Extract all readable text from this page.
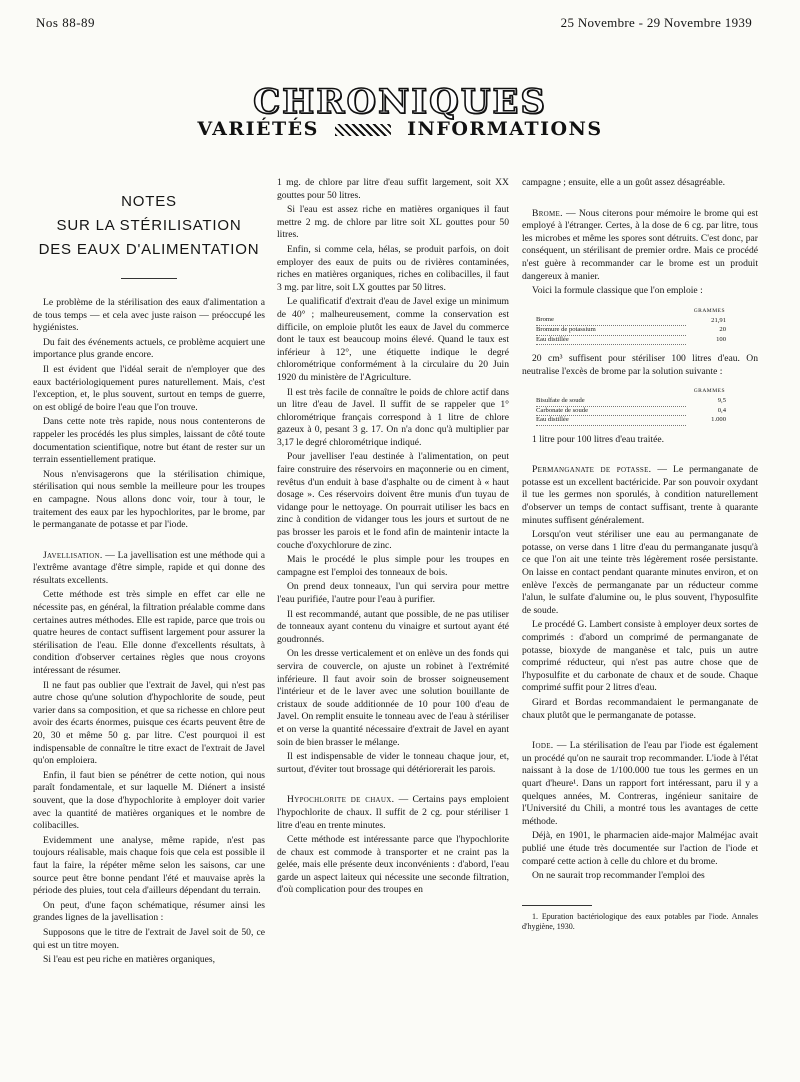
Nos 88-89	25 Novembre - 29 Novembre 1939
CHRONIQUES
VARIÉTÉS	INFORMATIONS
NOTES
SUR LA STÉRILISATION
DES EAUX D'ALIMENTATION

Le problème de la stérilisation des eaux d'alimentation a de tous temps — et cela avec juste raison — préoccupé les hygiénistes.

Du fait des événements actuels, ce problème acquiert une importance plus grande encore.

Il est évident que l'idéal serait de n'employer que des eaux bactériologiquement pures naturellement. Mais, c'est l'exception, et, le plus souvent, surtout en temps de guerre, on est obligé de boire l'eau que l'on trouve.

Dans cette note très rapide, nous nous contenterons de rappeler les procédés les plus simples, laissant de côté toute documentation scientifique, notre but étant de rester sur un terrain essentiellement pratique.

Nous n'envisagerons que la stérilisation chimique, stérilisation qui nous semble la meilleure pour les troupes en campagne. Nous allons donc voir, tour à tour, le traitement des eaux par les hypochlorites, par le brome, par le permanganate de potasse et par l'iode.

Javellisation. — La javellisation est une méthode qui a l'extrême avantage d'être simple, rapide et qui donne des résultats excellents.

Cette méthode est très simple en effet car elle ne nécessite pas, en général, la filtration préalable comme dans certaines autres méthodes. Elle est rapide, parce que trois ou quatre heures de contact suffisent largement pour assurer la stérilisation de l'eau. Elle donne d'excellents résultats, à condition d'observer certaines règles que nous croyons intéressant de résumer.

Il ne faut pas oublier que l'extrait de Javel, qui n'est pas autre chose qu'une solution d'hypochlorite de soude, peut varier dans sa composition, et que sa richesse en chlore peut avoir des écarts énormes, puisque ces écarts peuvent être de 20, 30 et même 50 g. par litre. C'est pourquoi il est indispensable de connaître le titre exact de l'extrait de Javel qu'on emploiera.

Enfin, il faut bien se pénétrer de cette notion, qui nous paraît fondamentale, et sur laquelle M. Diénert a insisté souvent, que la dose d'hypochlorite à employer doit varier avec la quantité de matières organiques et le nombre de colibacilles.

Evidemment une analyse, même rapide, n'est pas toujours réalisable, mais chaque fois que cela est possible il faut la faire, la répéter même selon les saisons, car une source peut être bonne pendant l'été et mauvaise après la période des pluies, tout cela d'ailleurs dépendant du terrain.

On peut, d'une façon schématique, résumer ainsi les grandes lignes de la javellisation :

Supposons que le titre de l'extrait de Javel soit de 50, ce qui est un titre moyen.

Si l'eau est peu riche en matières organiques,

1 mg. de chlore par litre d'eau suffit largement, soit XX gouttes pour 50 litres.

Si l'eau est assez riche en matières organiques il faut mettre 2 mg. de chlore par litre soit XL gouttes pour 50 litres.

Enfin, si comme cela, hélas, se produit parfois, on doit employer des eaux de puits ou de rivières contaminées, riches en matières organiques, riches en colibacilles, il faut 3 mg. par litre, soit LX gouttes par 50 litres.

Le qualificatif d'extrait d'eau de Javel exige un minimum de 40° ; malheureusement, comme la conservation est difficile, on emploie plutôt les eaux de Javel du commerce dont le taux est beaucoup moins élevé. Quand le taux est inférieur à 12°, une étiquette indique le degré chlorométrique conformément à la circulaire du 20 Juin 1920 du ministère de l'Agriculture.

Il est très facile de connaître le poids de chlore actif dans un litre d'eau de Javel. Il suffit de se rappeler que 1° chlorométrique français correspond à 1 litre de chlore gazeux à 0, pesant 3 g. 17. On n'a donc qu'à multiplier par 3,17 le degré chlorométrique indiqué.

Pour javelliser l'eau destinée à l'alimentation, on peut faire construire des réservoirs en maçonnerie ou en ciment, revêtus d'un enduit à base d'asphalte ou de ciment à « haut dosage ». Ces réservoirs doivent être munis d'un tuyau de vidange pour le nettoyage. On pourrait utiliser les bacs en zinc à condition de vidanger tous les jours et surtout de ne pas brosser les parois et le fond afin de maintenir intacte la couche d'oxychlorure de zinc.

Mais le procédé le plus simple pour les troupes en campagne est l'emploi des tonneaux de bois.

On prend deux tonneaux, l'un qui servira pour mettre l'eau purifiée, l'autre pour l'eau à purifier.

Il est recommandé, autant que possible, de ne pas utiliser de tonneaux ayant contenu du vinaigre et surtout ayant été goudronnés.

On les dresse verticalement et on enlève un des fonds qui servira de couvercle, on ajuste un robinet à l'extrémité inférieure. Il faut avoir soin de brosser soigneusement l'intérieur et de le laver avec une solution bouillante de cristaux de soude additionnée de 10 pour 100 d'eau de Javel. On remplit ensuite le tonneau avec de l'eau à stériliser et on verse la quantité nécessaire d'extrait de Javel en ayant soin de bien brasser le mélange.

Il est indispensable de vider le tonneau chaque jour, et, surtout, d'éviter tout brossage qui détériorerait les parois.

Hypochlorite de chaux. — Certains pays emploient l'hypochlorite de chaux. Il suffit de 2 cg. pour stériliser 1 litre d'eau en trente minutes.

Cette méthode est intéressante parce que l'hypochlorite de chaux est commode à transporter et ne craint pas la gelée, mais elle présente deux inconvénients : d'abord, l'eau garde un aspect laiteux qui nécessite une seconde filtration, d'où complication pour des troupes en

campagne ; ensuite, elle a un goût assez désagréable.

Brome. — Nous citerons pour mémoire le brome qui est employé à l'étranger. Certes, à la dose de 6 cg. par litre, tous les microbes et même les spores sont détruits. C'est donc, par conséquent, un stérilisant de premier ordre. Mais ce procédé n'est guère à recommander car le brome est un produit dangereux à manier.

Voici la formule classique que l'on emploie :

GRAMMES	
Brome	21,91
Bromure de potassium	20
Eau distillée	100

20 cm³ suffisent pour stériliser 100 litres d'eau. On neutralise l'excès de brome par la solution suivante :

GRAMMES	
Bisulfate de soude	9,5
Carbonate de soude	0,4
Eau distillée	1.000

1 litre pour 100 litres d'eau traitée.

Permanganate de potasse. — Le permanganate de potasse est un excellent bactéricide. Par son pouvoir oxydant il tue les germes non sporulés, à condition naturellement d'observer un temps de contact suffisant, trente à quarante minutes suffisent généralement.

Lorsqu'on veut stériliser une eau au permanganate de potasse, on verse dans 1 litre d'eau du permanganate jusqu'à ce que l'on ait une teinte très légèrement rosée persistante. On laisse en contact pendant quarante minutes environ, et on enlève l'excès de permanganate par un réducteur comme l'alun, le sulfate d'alumine ou, le plus souvent, l'hyposulfite de soude.

Le procédé G. Lambert consiste à employer deux sortes de comprimés : d'abord un comprimé de permanganate de potasse, bioxyde de manganèse et talc, puis un autre comprimé réducteur, qui n'est pas autre chose que de l'hyposulfite et du carbonate de chaux et de soude. Chaque comprimé suffit pour 2 litres d'eau.

Girard et Bordas recommandaient le permanganate de chaux plutôt que le permanganate de potasse.

Iode. — La stérilisation de l'eau par l'iode est également un procédé qu'on ne saurait trop recommander. L'iode à l'état naissant à la dose de 1/100.000 tue tous les germes en un quart d'heure¹. Dans un rapport fort intéressant, paru il y a quelques années, M. Contreras, ingénieur sanitaire de l'Université du Chili, a montré tous les avantages de cette méthode.

Déjà, en 1901, le pharmacien aide-major Malméjac avait publié une étude très documentée sur l'action de l'iode et comparé cette action à celle du chlore et du brome.

On ne saurait trop recommander l'emploi des

1. Epuration bactériologique des eaux potables par l'iode. Annales d'hygiène, 1930.
